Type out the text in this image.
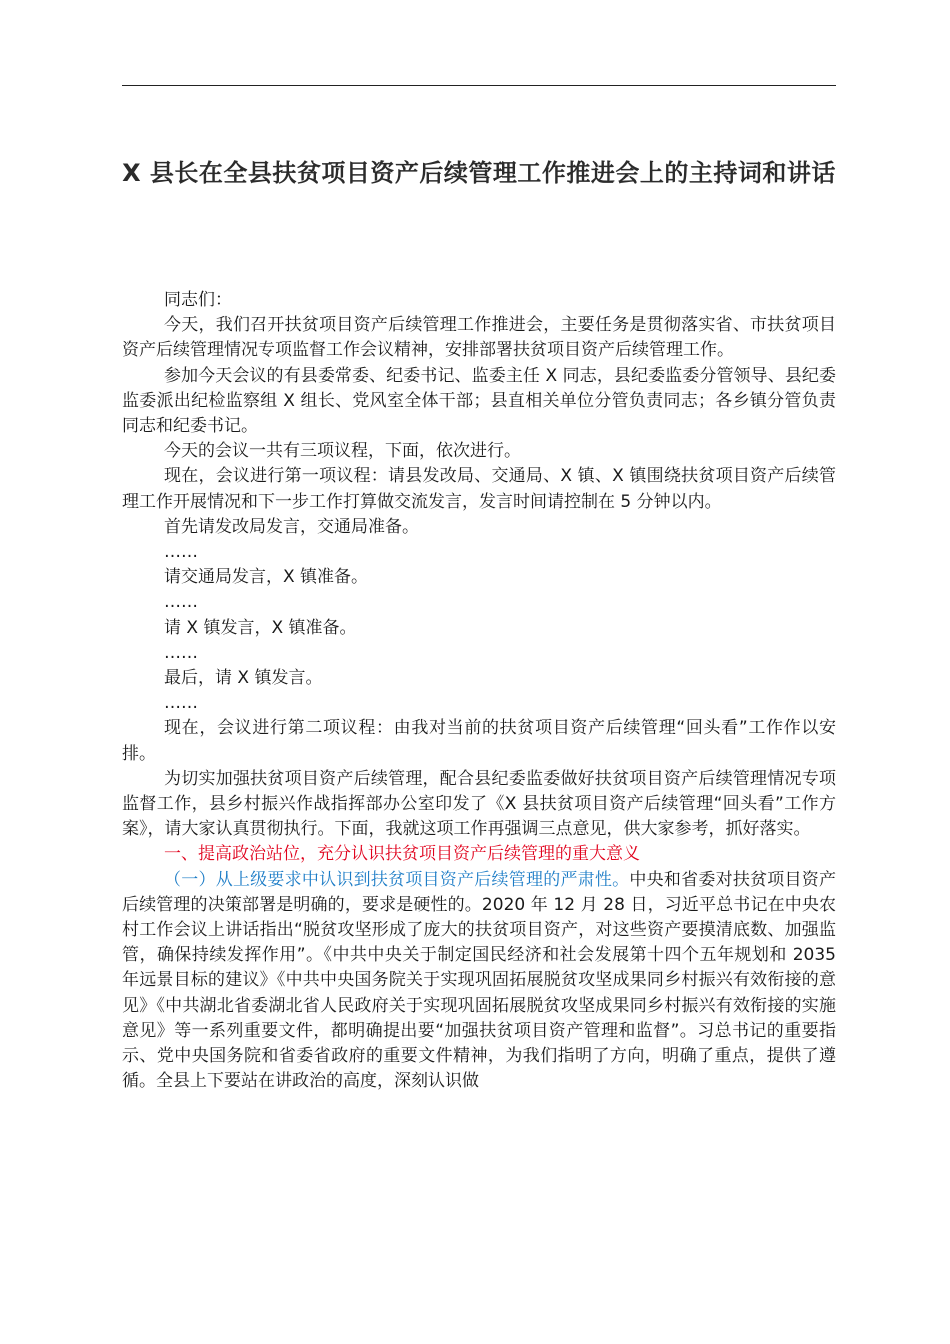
X 县长在全县扶贫项目资产后续管理工作推进会上的主持词和讲话

同志们：

今天，我们召开扶贫项目资产后续管理工作推进会，主要任务是贯彻落实省、市扶贫项目资产后续管理情况专项监督工作会议精神，安排部署扶贫项目资产后续管理工作。

参加今天会议的有县委常委、纪委书记、监委主任 X 同志，县纪委监委分管领导、县纪委监委派出纪检监察组 X 组长、党风室全体干部；县直相关单位分管负责同志；各乡镇分管负责同志和纪委书记。

今天的会议一共有三项议程，下面，依次进行。

现在，会议进行第一项议程：请县发改局、交通局、X 镇、X 镇围绕扶贫项目资产后续管理工作开展情况和下一步工作打算做交流发言，发言时间请控制在 5 分钟以内。

首先请发改局发言，交通局准备。

……

请交通局发言，X 镇准备。

……

请 X 镇发言，X 镇准备。

……

最后，请 X 镇发言。

……

现在，会议进行第二项议程：由我对当前的扶贫项目资产后续管理“回头看”工作作以安排。

为切实加强扶贫项目资产后续管理，配合县纪委监委做好扶贫项目资产后续管理情况专项监督工作，县乡村振兴作战指挥部办公室印发了《X 县扶贫项目资产后续管理“回头看”工作方案》，请大家认真贯彻执行。下面，我就这项工作再强调三点意见，供大家参考，抓好落实。

一、提高政治站位，充分认识扶贫项目资产后续管理的重大意义

（一）从上级要求中认识到扶贫项目资产后续管理的严肃性。中央和省委对扶贫项目资产后续管理的决策部署是明确的，要求是硬性的。2020 年 12 月 28 日，习近平总书记在中央农村工作会议上讲话指出“脱贫攻坚形成了庞大的扶贫项目资产，对这些资产要摸清底数、加强监管，确保持续发挥作用”。《中共中央关于制定国民经济和社会发展第十四个五年规划和 2035 年远景目标的建议》《中共中央国务院关于实现巩固拓展脱贫攻坚成果同乡村振兴有效衔接的意见》《中共湖北省委湖北省人民政府关于实现巩固拓展脱贫攻坚成果同乡村振兴有效衔接的实施意见》等一系列重要文件，都明确提出要“加强扶贫项目资产管理和监督”。习总书记的重要指示、党中央国务院和省委省政府的重要文件精神，为我们指明了方向，明确了重点，提供了遵循。全县上下要站在讲政治的高度，深刻认识做
